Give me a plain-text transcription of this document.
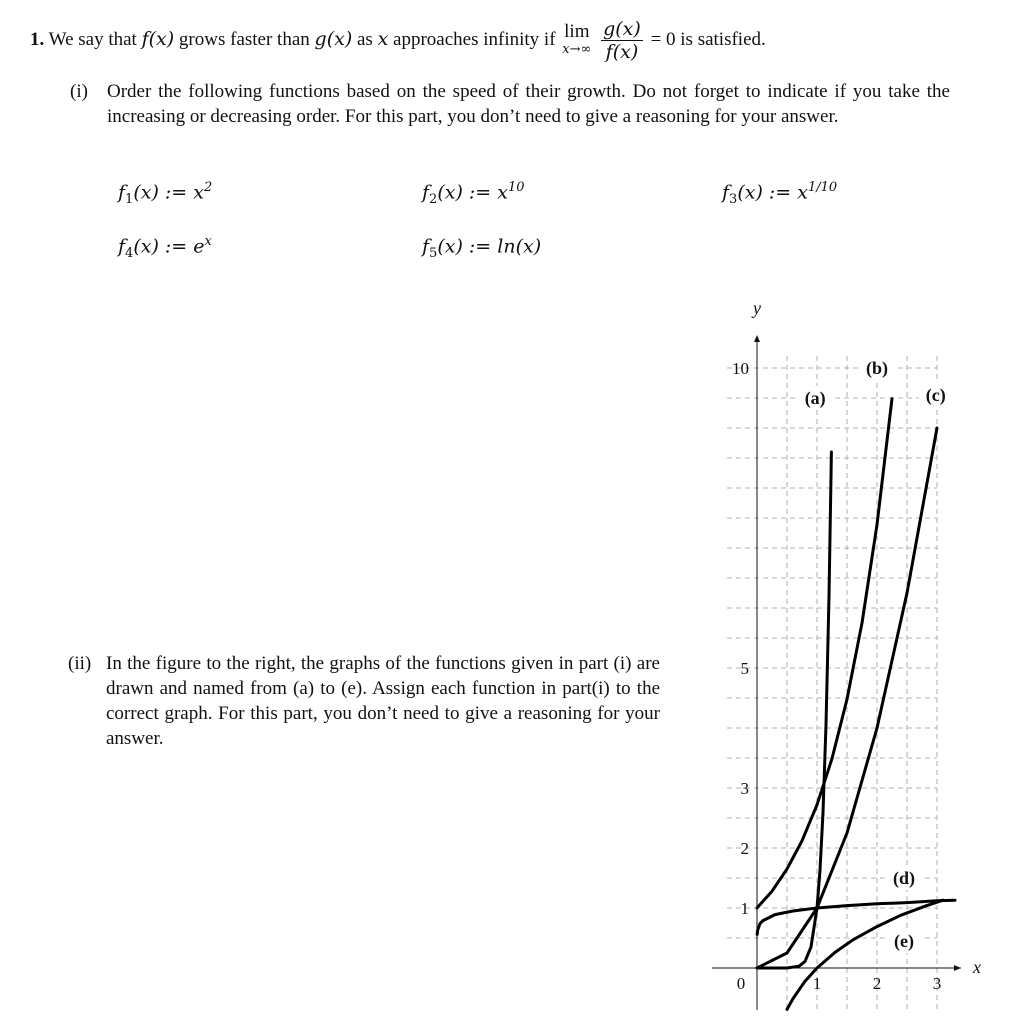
1. We say that f(x) grows faster than g(x) as x approaches infinity if lim
x→∞
$\frac{g(x)}{f(x)} = 0$ is satisfied.
(i) Order the following functions based on the speed of their growth. Do not forget to indicate if you take the increasing or decreasing order. For this part, you don’t need to give a reasoning for your answer.
$f_1(x)$ := $x^2$	$f_2(x)$ := $x^{10}$	$f_3(x)$ := $x^{1/10}$
$f_4(x)$ := $e^x$	$f_5(x)$ := ln(x)
(ii) In the figure to the right, the graphs of the functions given in part (i) are drawn and named from (a) to (e). Assign each function in part(i) to the correct graph. For this part, you don’t need to give a reasoning for your answer.
1
2
3
5
10
0	1	2	3
x
y
(a)
(b)
(c)
(d)
(e)
